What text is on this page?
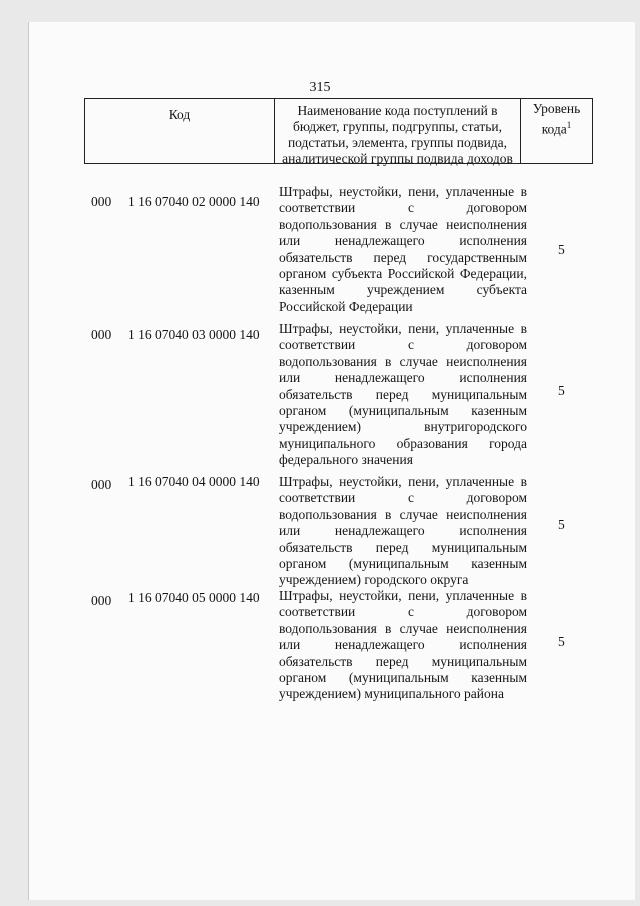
315
Код	Наименование кода поступлений в бюджет, группы, подгруппы, статьи, подстатьи, элемента, группы подвида, аналитической группы подвида доходов
Уровень кода$^1$
000 1 16 07040 02 0000 140
Штрафы, неустойки, пени, уплаченные в соответствии с договором водопользования в случае неисполнения или ненадлежащего исполнения обязательств перед государственным органом субъекта Российской Федерации, казенным учреждением субъекта Российской Федерации
5
000 1 16 07040 03 0000 140 Штрафы, неустойки, пени, уплаченные в соответствии с договором водопользования в случае неисполнения или ненадлежащего исполнения обязательств перед муниципальным органом (муниципальным казенным учреждением) внутригородского муниципального образования города федерального значения
5
000 1 16 07040 04 0000 140 Штрафы, неустойки, пени, уплаченные в соответствии с договором водопользования в случае неисполнения или ненадлежащего исполнения обязательств перед муниципальным органом (муниципальным казенным учреждением) городского округа
5
000 1 16 07040 05 0000 140 Штрафы, неустойки, пени, уплаченные в соответствии с договором водопользования в случае неисполнения или ненадлежащего исполнения обязательств перед муниципальным органом (муниципальным казенным учреждением) муниципального района
5
